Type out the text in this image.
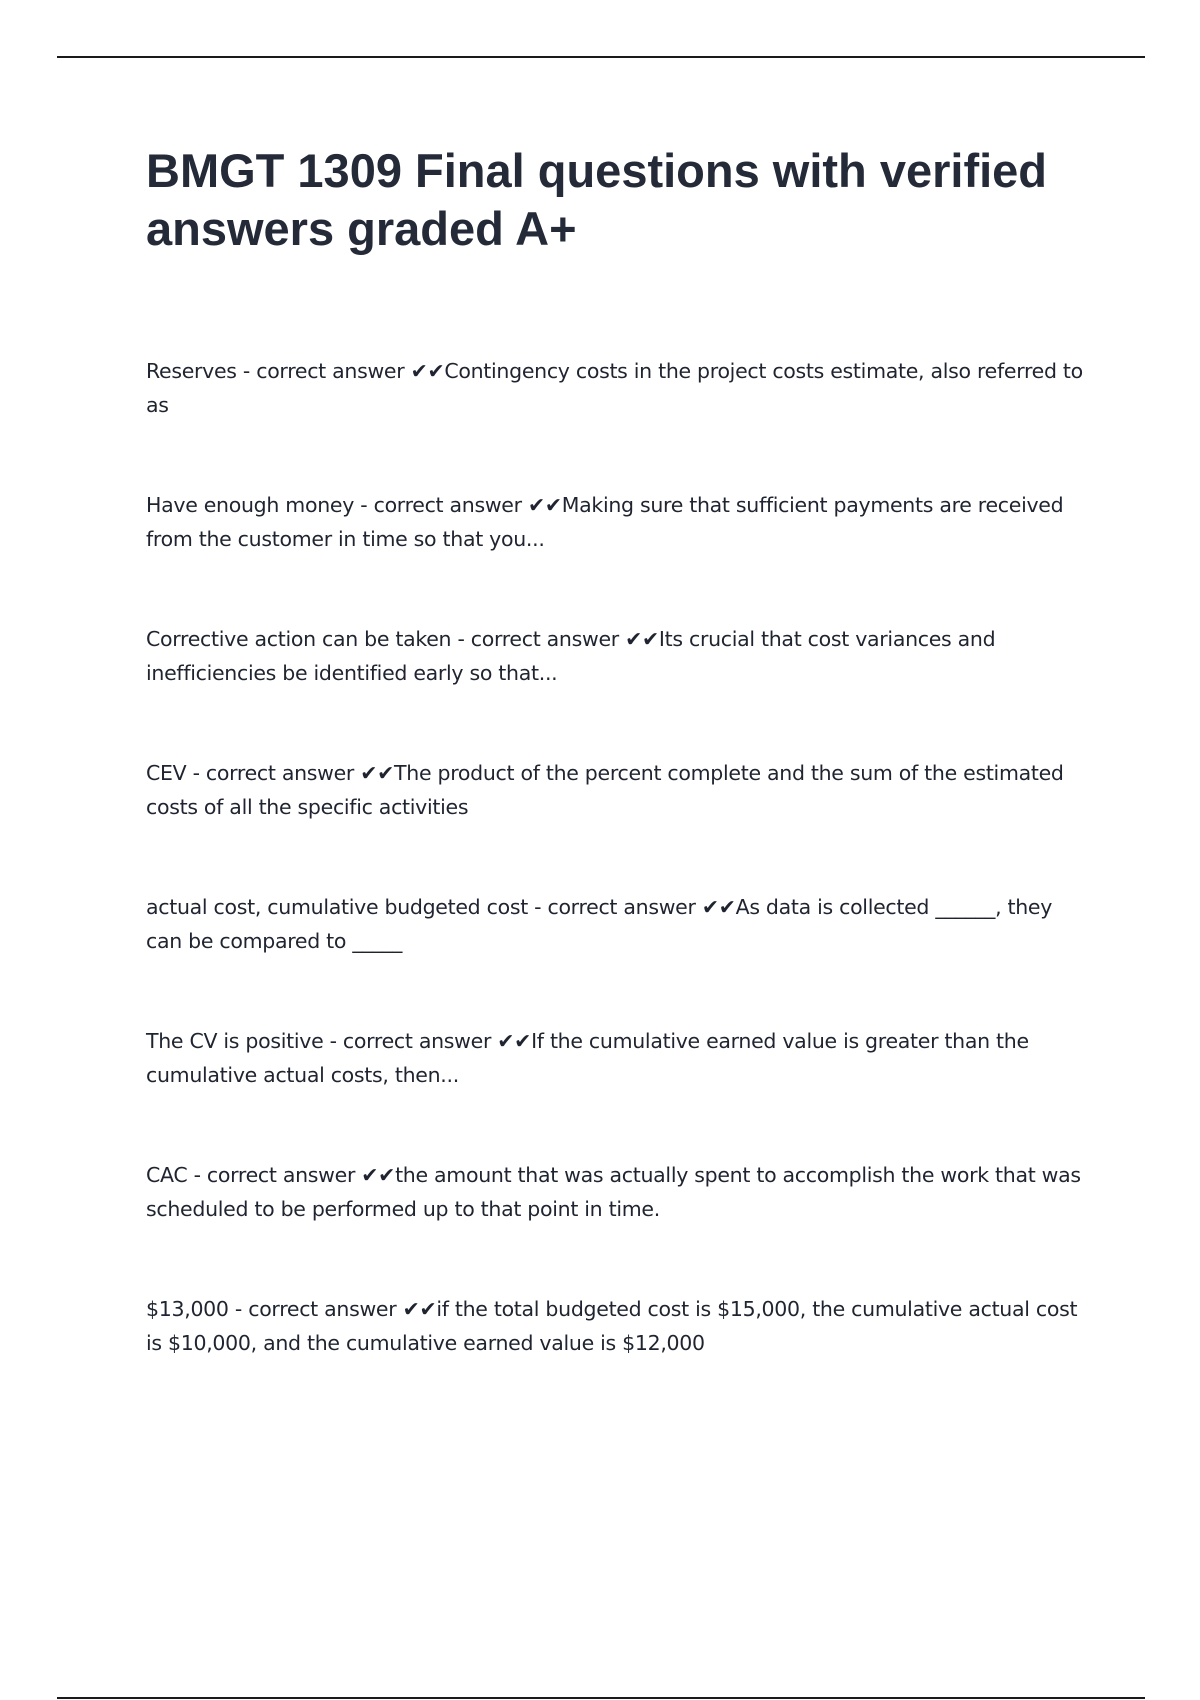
BMGT 1309 Final questions with verified answers graded A+

Reserves - correct answer ✔✔Contingency costs in the project costs estimate, also referred to as

Have enough money - correct answer ✔✔Making sure that sufficient payments are received from the customer in time so that you...

Corrective action can be taken - correct answer ✔✔Its crucial that cost variances and inefficiencies be identified early so that...

CEV - correct answer ✔✔The product of the percent complete and the sum of the estimated costs of all the specific activities

actual cost, cumulative budgeted cost - correct answer ✔✔As data is collected ______, they can be compared to _____

The CV is positive - correct answer ✔✔If the cumulative earned value is greater than the cumulative actual costs, then...

CAC - correct answer ✔✔the amount that was actually spent to accomplish the work that was scheduled to be performed up to that point in time.

$13,000 - correct answer ✔✔if the total budgeted cost is $15,000, the cumulative actual cost is $10,000, and the cumulative earned value is $12,000
